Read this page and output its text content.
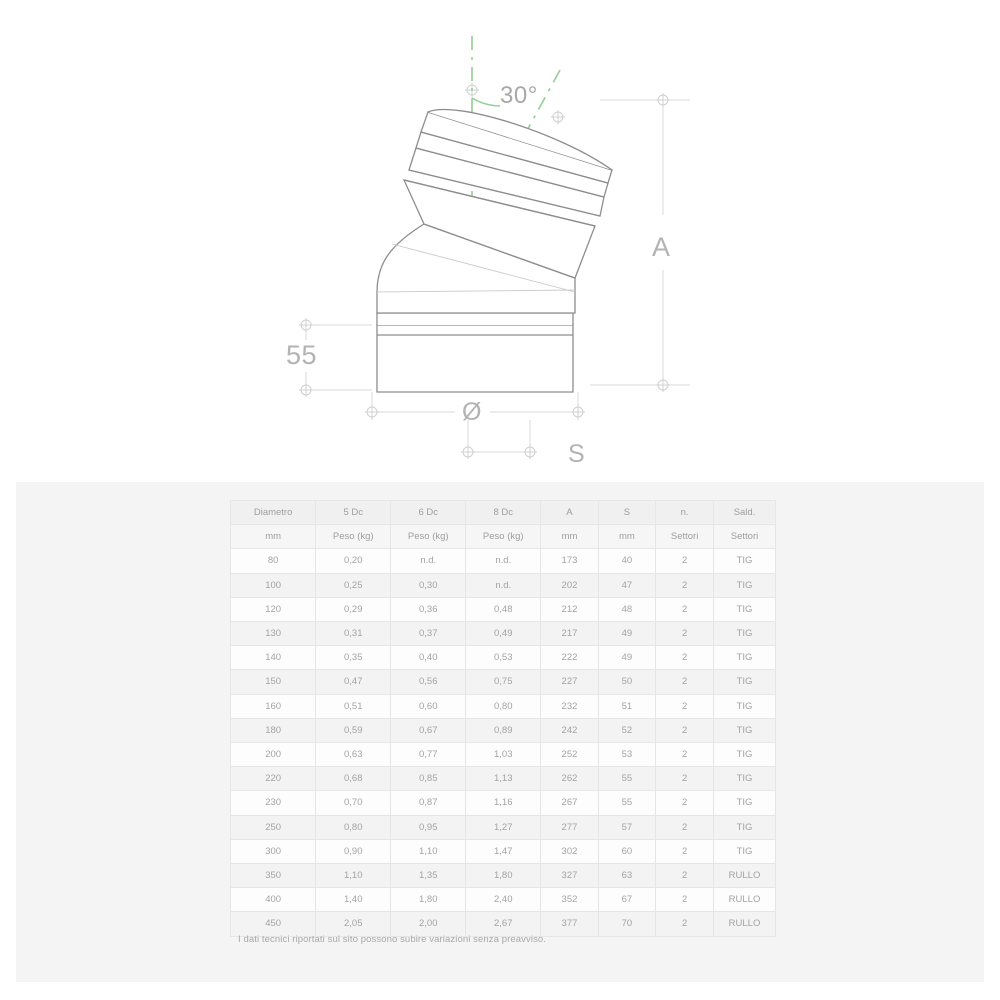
30°
A
55
Ø
S
Diametro	5 Dc	6 Dc	8 Dc	A	S	n.	Sald.
mm	Peso (kg)	Peso (kg)	Peso (kg)	mm	mm	Settori	Settori
80	0,20	n.d.	n.d.	173	40	2	TIG
100	0,25	0,30	n.d.	202	47	2	TIG
120	0,29	0,36	0,48	212	48	2	TIG
130	0,31	0,37	0,49	217	49	2	TIG
140	0,35	0,40	0,53	222	49	2	TIG
150	0,47	0,56	0,75	227	50	2	TIG
160	0,51	0,60	0,80	232	51	2	TIG
180	0,59	0,67	0,89	242	52	2	TIG
200	0,63	0,77	1,03	252	53	2	TIG
220	0,68	0,85	1,13	262	55	2	TIG
230	0,70	0,87	1,16	267	55	2	TIG
250	0,80	0,95	1,27	277	57	2	TIG
300	0,90	1,10	1,47	302	60	2	TIG
350	1,10	1,35	1,80	327	63	2	RULLO
400	1,40	1,80	2,40	352	67	2	RULLO
450	2,05	2,00	2,67	377	70	2	RULLO
I dati tecnici riportati sul sito possono subire variazioni senza preavviso.
